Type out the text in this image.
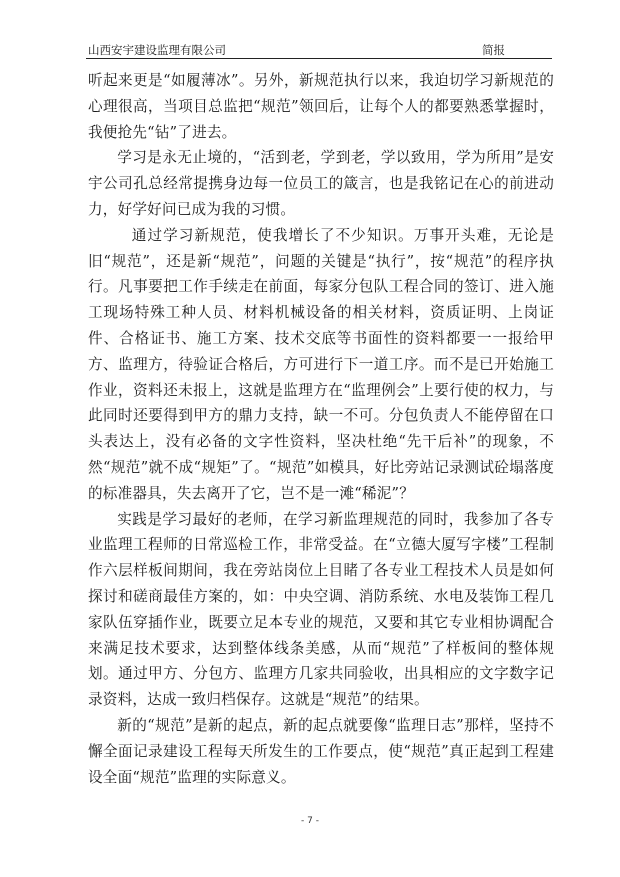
山西安宇建设监理有限公司	简报

听起来更是“如履薄冰”。另外，新规范执行以来，我迫切学习新规范的心理很高，当项目总监把“规范”领回后，让每个人的都要熟悉掌握时，我便抢先“钻”了进去。

学习是永无止境的，“活到老，学到老，学以致用，学为所用”是安宇公司孔总经常提携身边每一位员工的箴言，也是我铭记在心的前进动力，好学好问已成为我的习惯。

通过学习新规范，使我增长了不少知识。万事开头难，无论是旧“规范”，还是新“规范”，问题的关键是“执行”，按“规范”的程序执行。凡事要把工作手续走在前面，每家分包队工程合同的签订、进入施工现场特殊工种人员、材料机械设备的相关材料，资质证明、上岗证件、合格证书、施工方案、技术交底等书面性的资料都要一一报给甲方、监理方，待验证合格后，方可进行下一道工序。而不是已开始施工作业，资料还未报上，这就是监理方在“监理例会”上要行使的权力，与此同时还要得到甲方的鼎力支持，缺一不可。分包负责人不能停留在口头表达上，没有必备的文字性资料，坚决杜绝“先干后补”的现象，不然“规范”就不成“规矩”了。“规范”如模具，好比旁站记录测试砼塌落度的标准器具，失去离开了它，岂不是一滩“稀泥”？

实践是学习最好的老师，在学习新监理规范的同时，我参加了各专业监理工程师的日常巡检工作，非常受益。在“立德大厦写字楼”工程制作六层样板间期间，我在旁站岗位上目睹了各专业工程技术人员是如何探讨和磋商最佳方案的，如：中央空调、消防系统、水电及装饰工程几家队伍穿插作业，既要立足本专业的规范，又要和其它专业相协调配合来满足技术要求，达到整体线条美感，从而“规范”了样板间的整体规划。通过甲方、分包方、监理方几家共同验收，出具相应的文字数字记录资料，达成一致归档保存。这就是“规范”的结果。

新的“规范”是新的起点，新的起点就要像“监理日志”那样，坚持不懈全面记录建设工程每天所发生的工作要点，使“规范”真正起到工程建设全面“规范”监理的实际意义。

- 7 -
